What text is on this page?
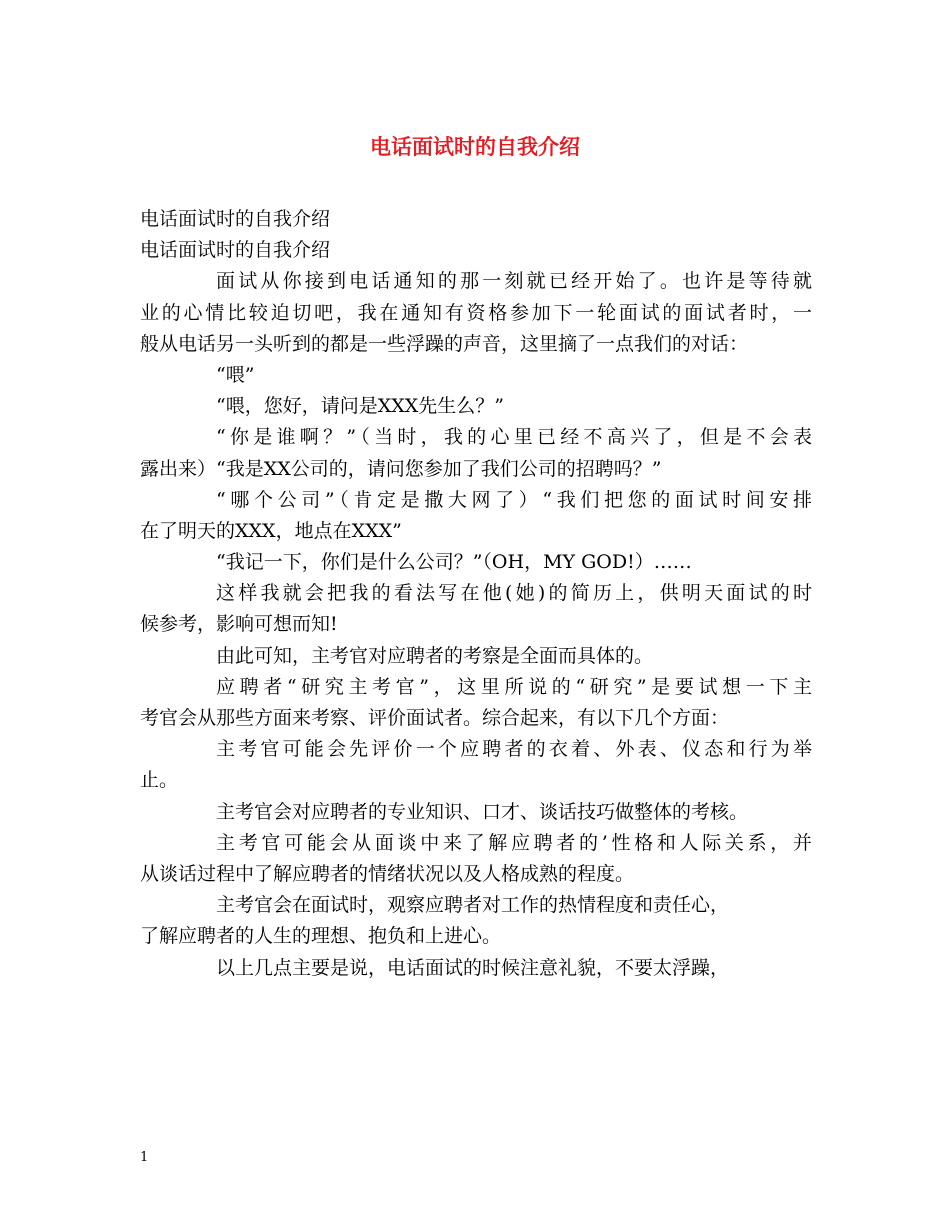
电话面试时的自我介绍

电话面试时的自我介绍

电话面试时的自我介绍

面试从你接到电话通知的那一刻就已经开始了。也许是等待就

业的心情比较迫切吧，我在通知有资格参加下一轮面试的面试者时，一

般从电话另一头听到的都是一些浮躁的声音，这里摘了一点我们的对话：

“喂”

“喂，您好，请问是XXX先生么？”

“你是谁啊？”（当时，我的心里已经不高兴了，但是不会表

露出来）“我是XX公司的，请问您参加了我们公司的招聘吗？”

“哪个公司”（肯定是撒大网了）“我们把您的面试时间安排

在了明天的XXX，地点在XXX”

“我记一下，你们是什么公司？”（OH，MY GOD!）……

这样我就会把我的看法写在他(她)的简历上，供明天面试的时

候参考，影响可想而知!

由此可知，主考官对应聘者的考察是全面而具体的。

应聘者“研究主考官”，这里所说的“研究”是要试想一下主

考官会从那些方面来考察、评价面试者。综合起来，有以下几个方面：

主考官可能会先评价一个应聘者的衣着、外表、仪态和行为举

止。

主考官会对应聘者的专业知识、口才、谈话技巧做整体的考核。

主考官可能会从面谈中来了解应聘者的’性格和人际关系，并

从谈话过程中了解应聘者的情绪状况以及人格成熟的程度。

主考官会在面试时，观察应聘者对工作的热情程度和责任心，

了解应聘者的人生的理想、抱负和上进心。

以上几点主要是说，电话面试的时候注意礼貌，不要太浮躁，

1
